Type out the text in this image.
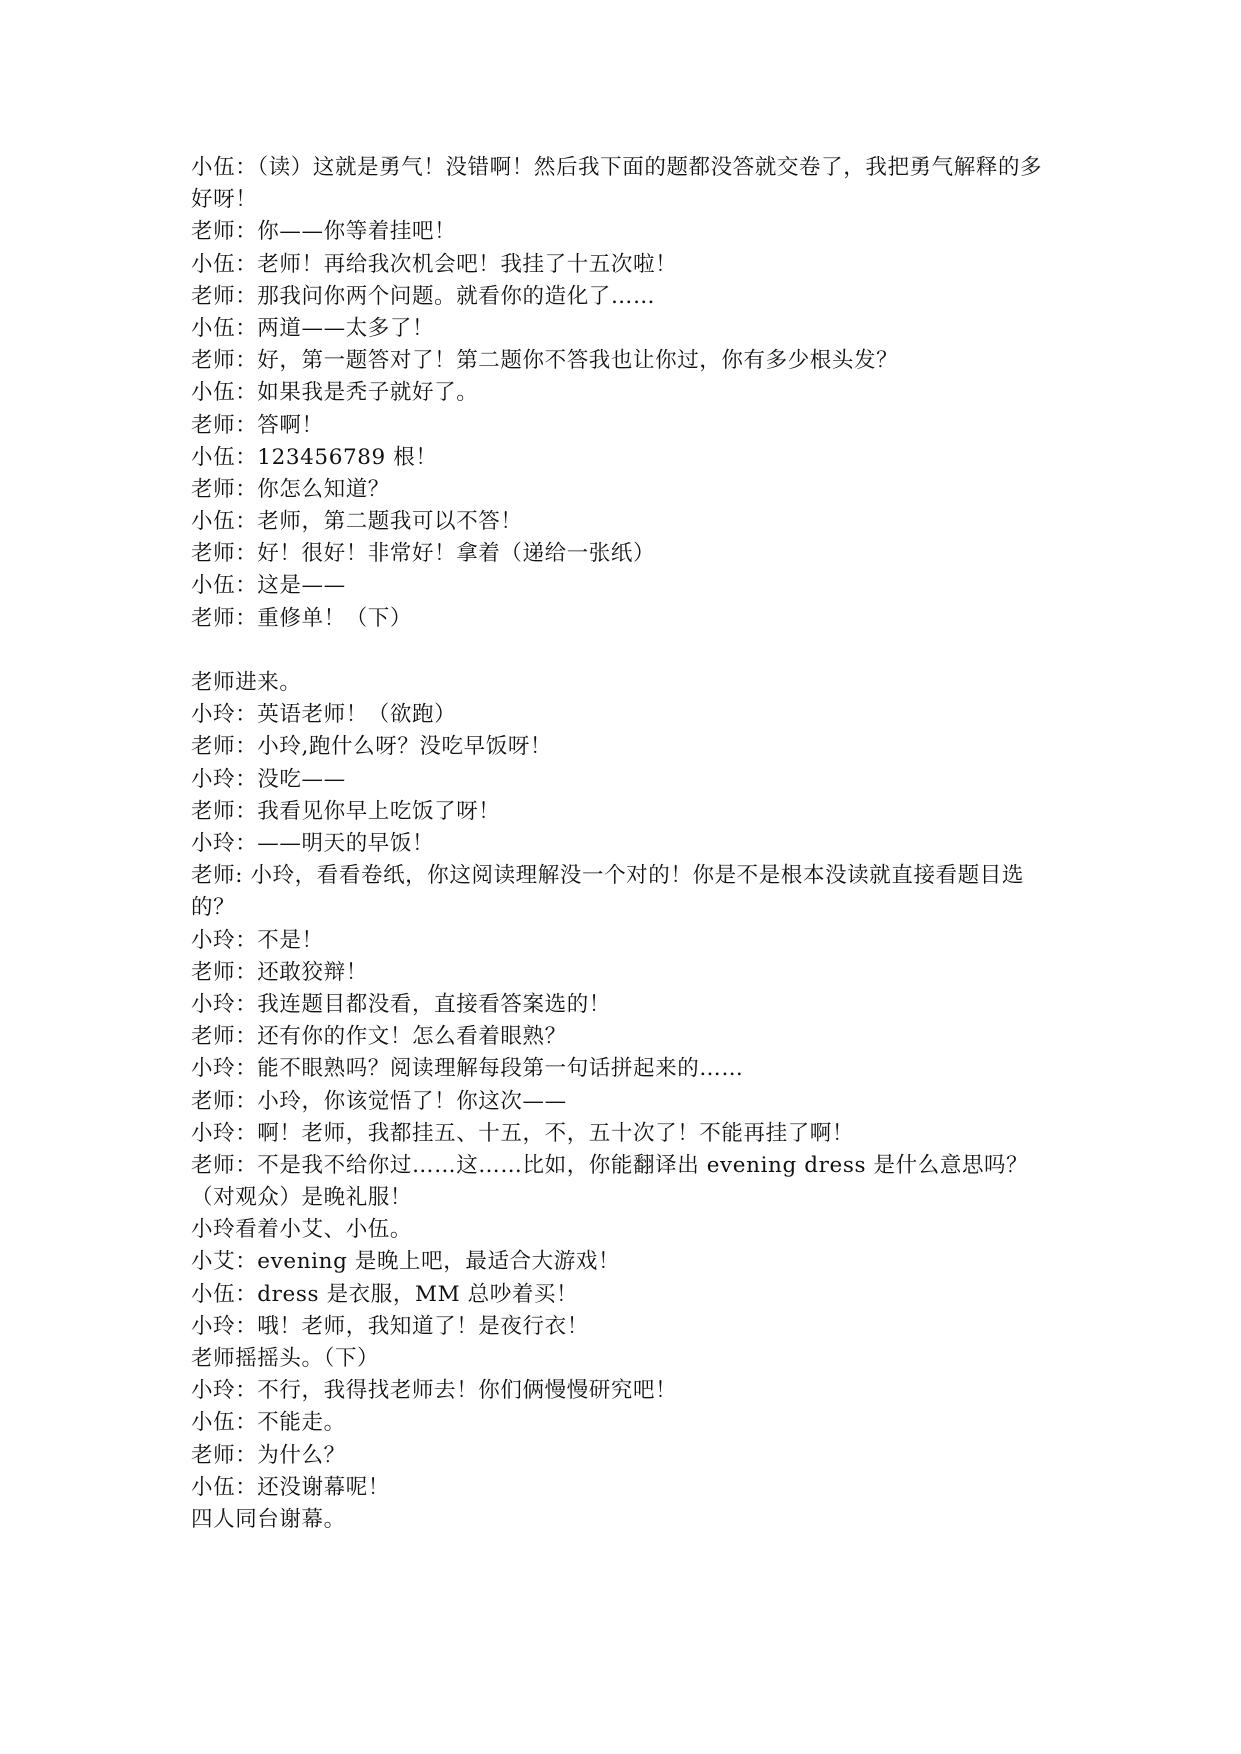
小伍：（读）这就是勇气！没错啊！然后我下面的题都没答就交卷了，我把勇气解释的多好呀！

老师：你——你等着挂吧！

小伍：老师！再给我次机会吧！我挂了十五次啦！

老师：那我问你两个问题。就看你的造化了……

小伍：两道——太多了！

老师：好，第一题答对了！第二题你不答我也让你过，你有多少根头发？

小伍：如果我是秃子就好了。

老师：答啊！

小伍：123456789 根！

老师：你怎么知道？

小伍：老师，第二题我可以不答！

老师：好！很好！非常好！拿着（递给一张纸）

小伍：这是——

老师：重修单！（下）

老师进来。

小玲：英语老师！（欲跑）

老师：小玲,跑什么呀？没吃早饭呀！

小玲：没吃——

老师：我看见你早上吃饭了呀！

小玲：——明天的早饭！

老师: 小玲，看看卷纸，你这阅读理解没一个对的！你是不是根本没读就直接看题目选的？

小玲：不是！

老师：还敢狡辩！

小玲：我连题目都没看，直接看答案选的！

老师：还有你的作文！怎么看着眼熟？

小玲：能不眼熟吗？阅读理解每段第一句话拼起来的……

老师：小玲，你该觉悟了！你这次——

小玲：啊！老师，我都挂五、十五，不，五十次了！不能再挂了啊！

老师：不是我不给你过……这……比如，你能翻译出 evening dress 是什么意思吗？

（对观众）是晚礼服！

小玲看着小艾、小伍。

小艾：evening 是晚上吧，最适合大游戏！

小伍：dress 是衣服，MM 总吵着买！

小玲：哦！老师，我知道了！是夜行衣！

老师摇摇头。（下）

小玲：不行，我得找老师去！你们俩慢慢研究吧！

小伍：不能走。

老师：为什么？

小伍：还没谢幕呢！

四人同台谢幕。
